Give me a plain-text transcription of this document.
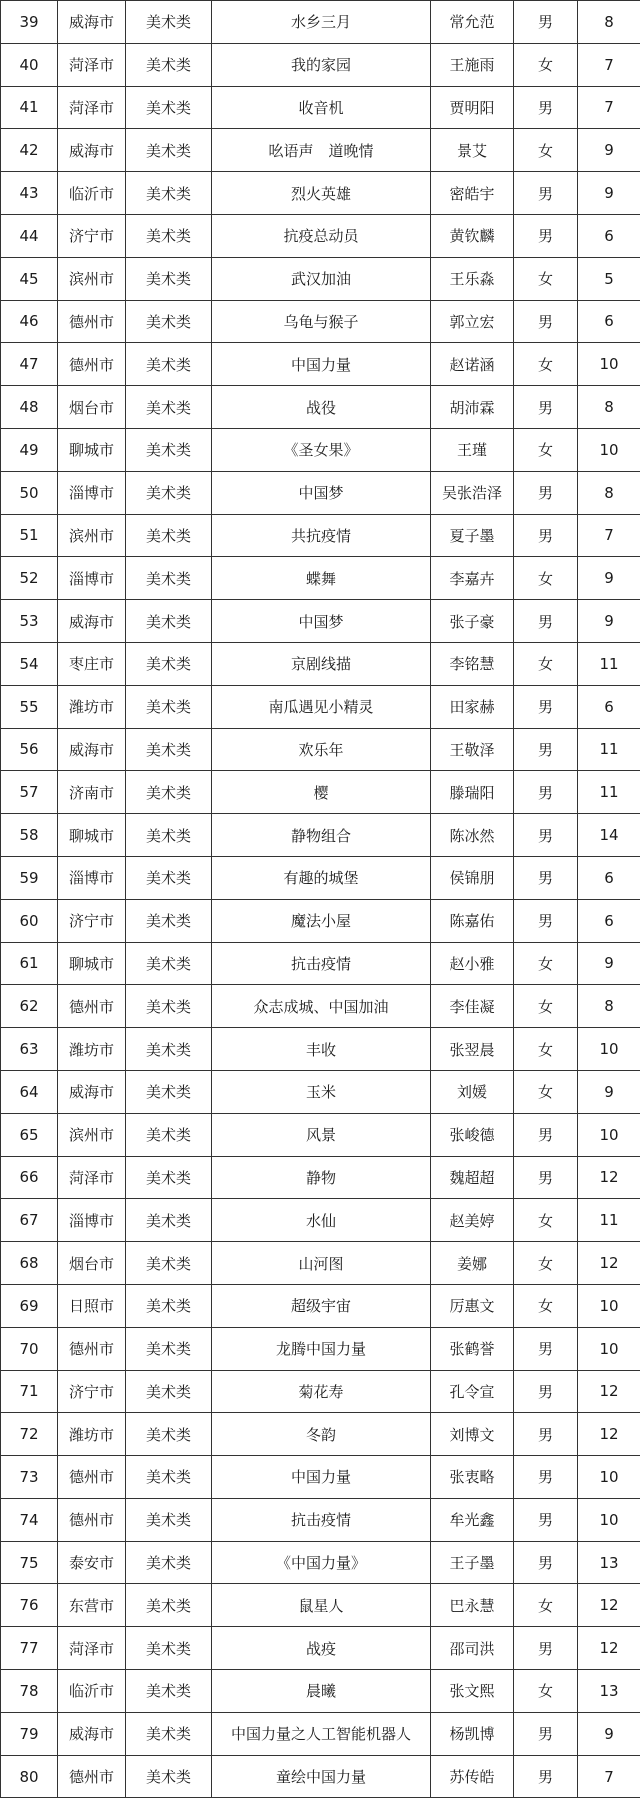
39	威海市	美术类	水乡三月	常允范	男	8
40	菏泽市	美术类	我的家园	王施雨	女	7
41	菏泽市	美术类	收音机	贾明阳	男	7
42	威海市	美术类	吆语声　道晚情	景艾	女	9
43	临沂市	美术类	烈火英雄	密皓宇	男	9
44	济宁市	美术类	抗疫总动员	黄钦麟	男	6
45	滨州市	美术类	武汉加油	王乐淼	女	5
46	德州市	美术类	乌龟与猴子	郭立宏	男	6
47	德州市	美术类	中国力量	赵诺涵	女	10
48	烟台市	美术类	战役	胡沛霖	男	8
49	聊城市	美术类	《圣女果》	王瑾	女	10
50	淄博市	美术类	中国梦	吴张浩泽	男	8
51	滨州市	美术类	共抗疫情	夏子墨	男	7
52	淄博市	美术类	蝶舞	李嘉卉	女	9
53	威海市	美术类	中国梦	张子豪	男	9
54	枣庄市	美术类	京剧线描	李铭慧	女	11
55	潍坊市	美术类	南瓜遇见小精灵	田家赫	男	6
56	威海市	美术类	欢乐年	王敬泽	男	11
57	济南市	美术类	樱	滕瑞阳	男	11
58	聊城市	美术类	静物组合	陈冰然	男	14
59	淄博市	美术类	有趣的城堡	侯锦朋	男	6
60	济宁市	美术类	魔法小屋	陈嘉佑	男	6
61	聊城市	美术类	抗击疫情	赵小雅	女	9
62	德州市	美术类	众志成城、中国加油	李佳凝	女	8
63	潍坊市	美术类	丰收	张翌晨	女	10
64	威海市	美术类	玉米	刘媛	女	9
65	滨州市	美术类	风景	张峻德	男	10
66	菏泽市	美术类	静物	魏超超	男	12
67	淄博市	美术类	水仙	赵美婷	女	11
68	烟台市	美术类	山河图	姜娜	女	12
69	日照市	美术类	超级宇宙	厉惠文	女	10
70	德州市	美术类	龙腾中国力量	张鹤誉	男	10
71	济宁市	美术类	菊花寿	孔令宣	男	12
72	潍坊市	美术类	冬韵	刘博文	男	12
73	德州市	美术类	中国力量	张衷略	男	10
74	德州市	美术类	抗击疫情	牟光鑫	男	10
75	泰安市	美术类	《中国力量》	王子墨	男	13
76	东营市	美术类	鼠星人	巴永慧	女	12
77	菏泽市	美术类	战疫	邵司洪	男	12
78	临沂市	美术类	晨曦	张文熙	女	13
79	威海市	美术类	中国力量之人工智能机器人	杨凯博	男	9
80	德州市	美术类	童绘中国力量	苏传皓	男	7
